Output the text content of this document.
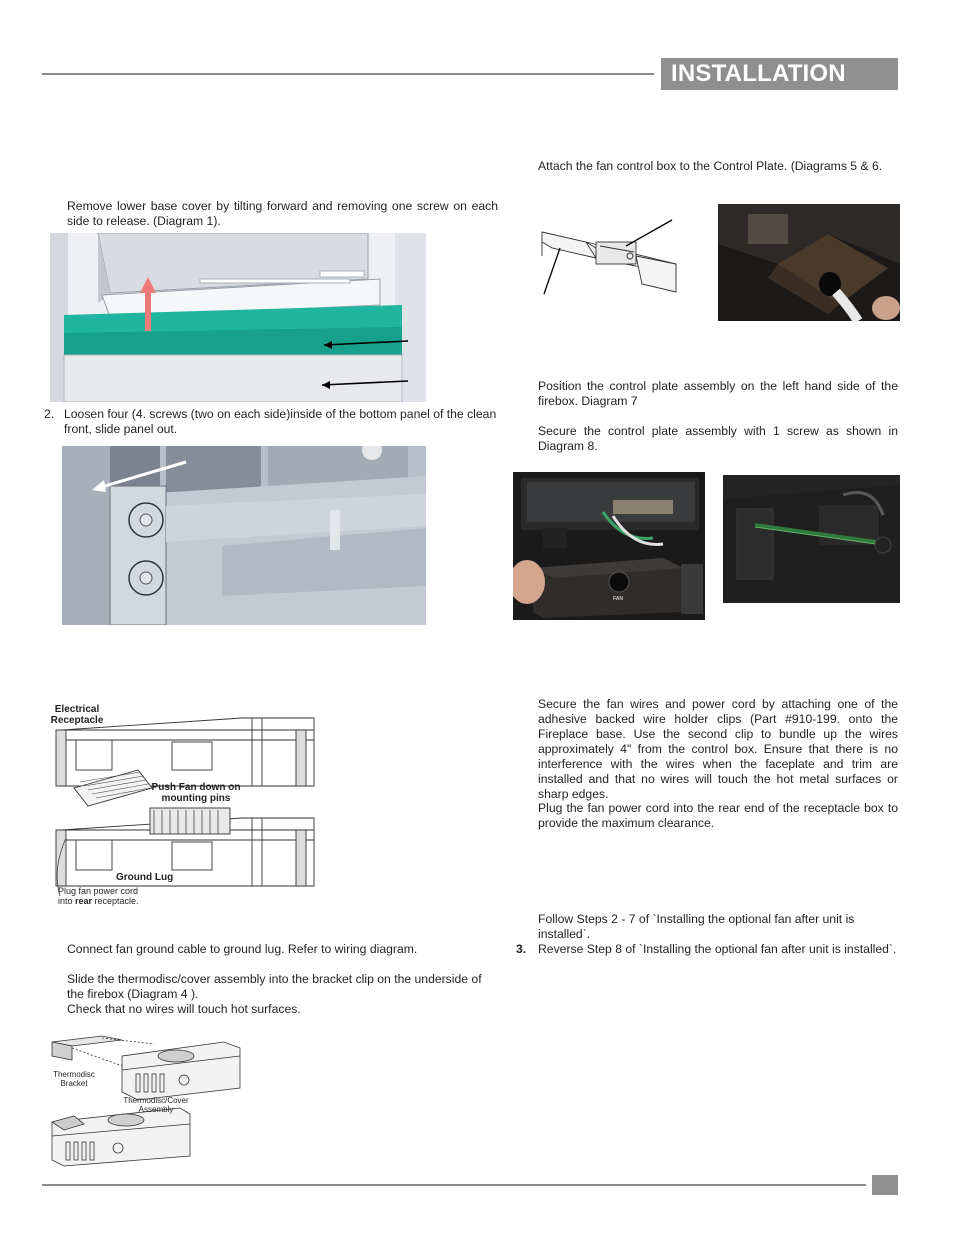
INSTALLATION
Remove lower base cover by tilting forward and removing one screw on each side to release. (Diagram 1).
2. Loosen four (4. screws (two on each side)inside of the bottom panel of the clean front, slide panel out.
Electrical Receptacle
Push Fan down on mounting pins
Ground Lug
Plug fan power cord
into rear receptacle.
Connect fan ground cable to ground lug. Refer to wiring diagram.
Slide the thermodisc/cover assembly into the bracket clip on the underside of the firebox (Diagram 4 ).
Check that no wires will touch hot surfaces.
Thermodisc Bracket
Thermodisc/Cover Assembly
Attach the fan control box to the Control Plate. (Diagrams 5 & 6.
Position the control plate assembly on the left hand side of the firebox. Diagram 7
Secure the control plate assembly with 1 screw as shown in Diagram 8.
FAN
Secure the fan wires and power cord by attaching one of the adhesive backed wire holder clips (Part #910-199. onto the Fireplace base. Use the second clip to bundle up the wires approximately 4" from the control box. Ensure that there is no interference with the wires when the faceplate and trim are installed and that no wires will touch the hot metal surfaces or sharp edges.
Plug the fan power cord into the rear end of the receptacle box to provide the maximum clearance.
Follow Steps 2 - 7 of `Installing the optional fan after unit is installed`.
3. Reverse Step 8 of `Installing the optional fan after unit is installed`.
